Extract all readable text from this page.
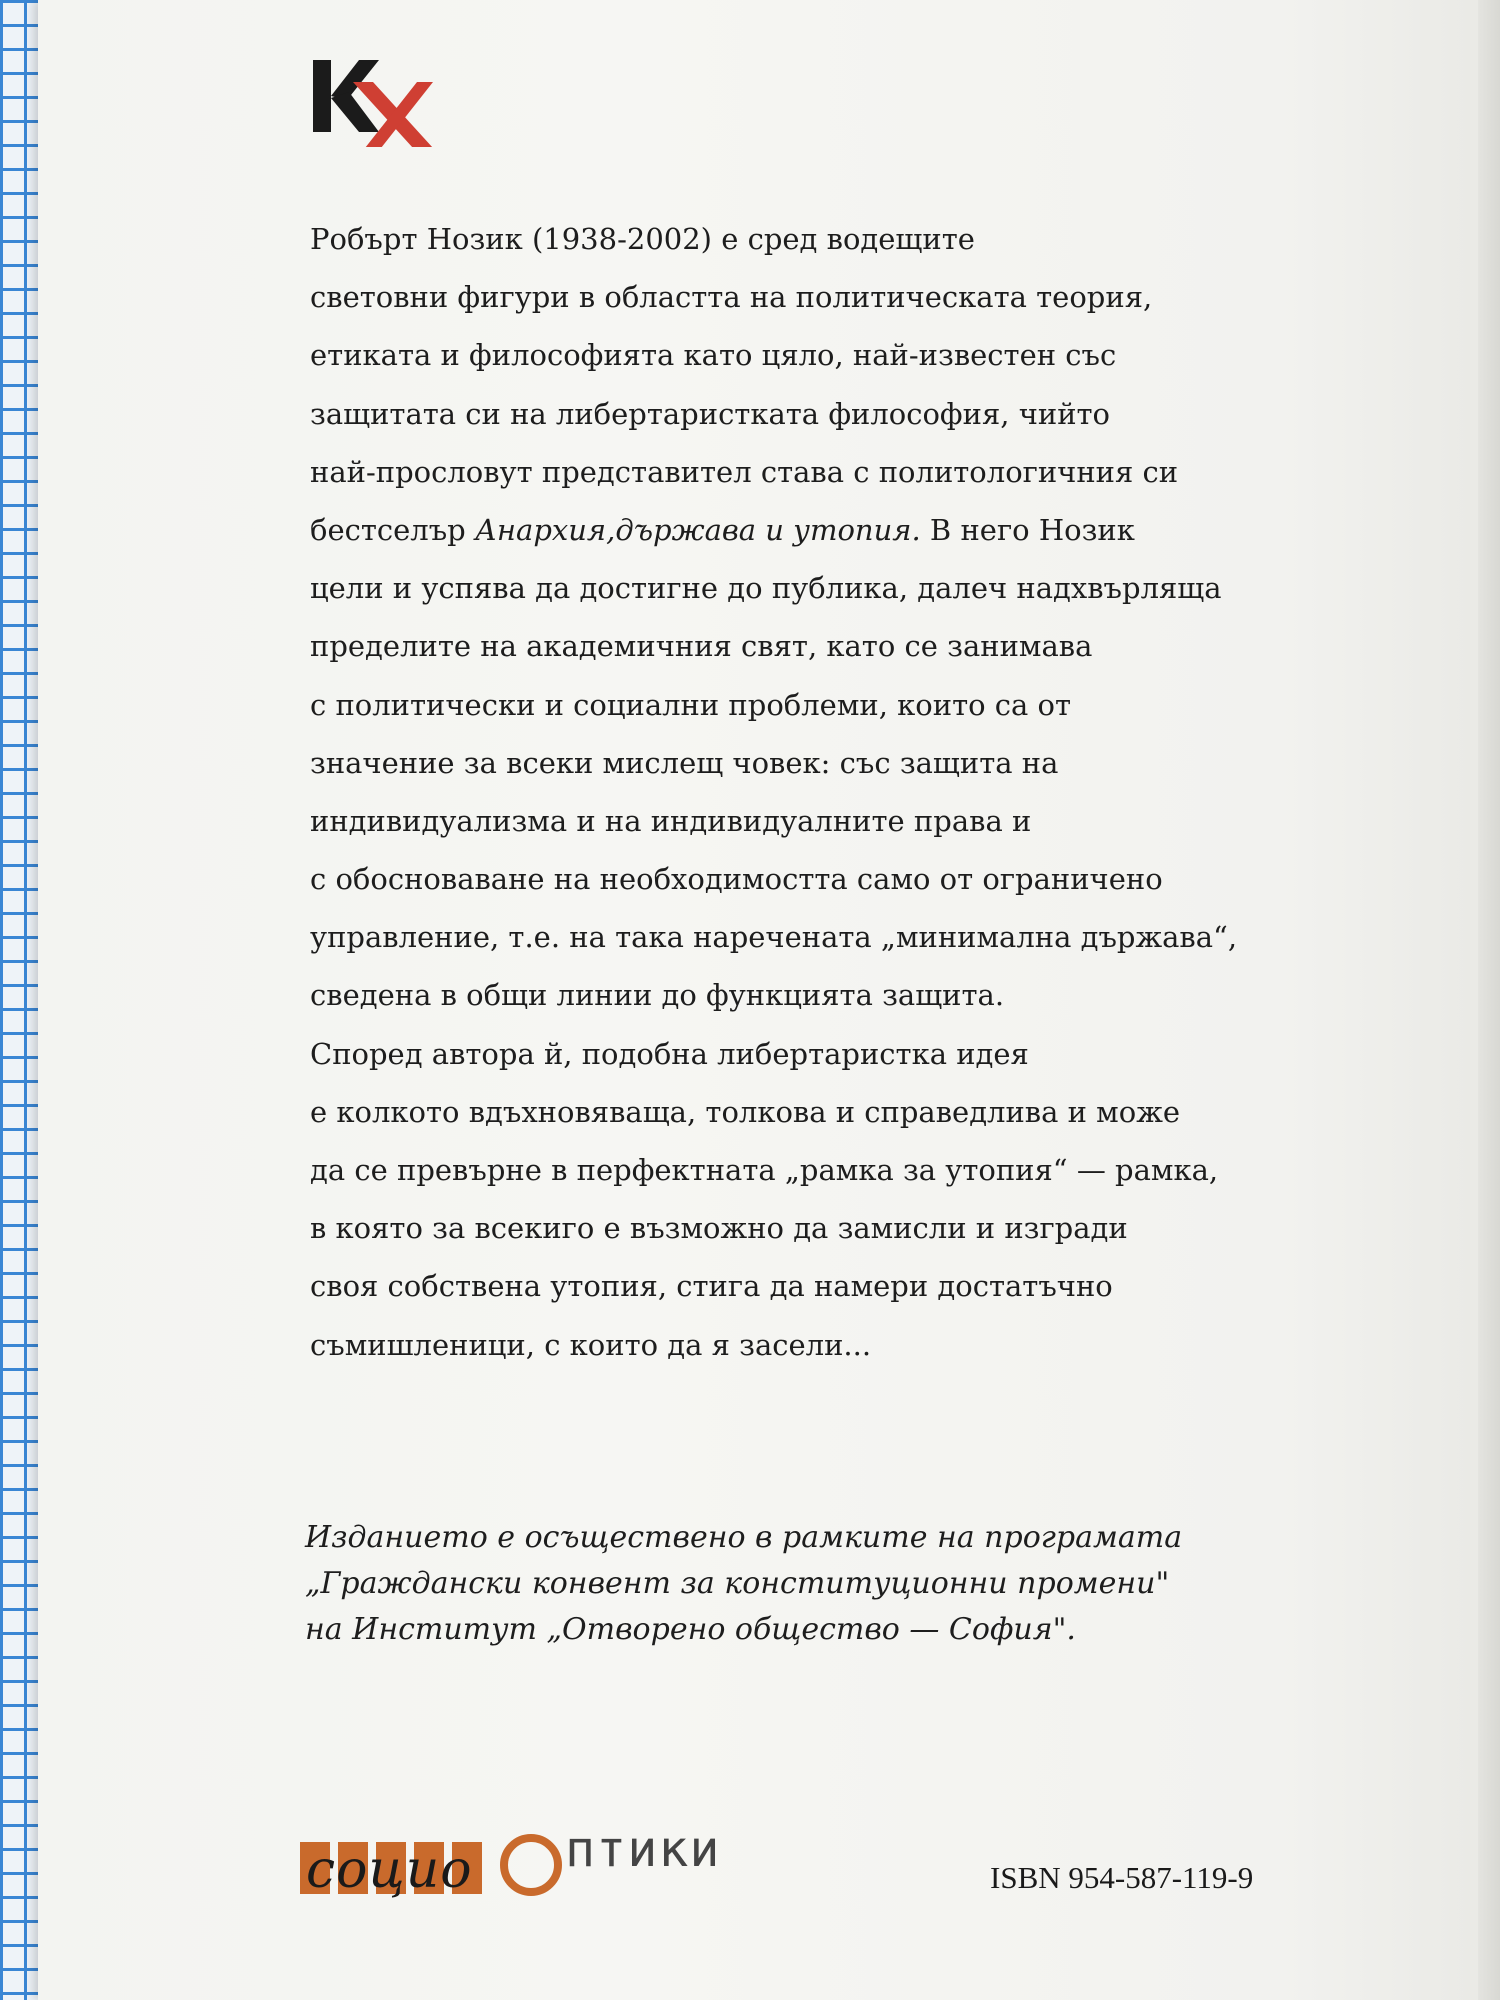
Робърт Нозик (1938-2002) е сред водещите
световни фигури в областта на политическата теория,
етиката и философията като цяло, най-известен със
защитата си на либертаристката философия, чийто
най-прословут представител става с политологичния си
бестселър Анархия,държава и утопия. В него Нозик
цели и успява да достигне до публика, далеч надхвърляща
пределите на академичния свят, като се занимава
с политически и социални проблеми, които са от
значение за всеки мислещ човек: със защита на
индивидуализма и на индивидуалните права и
с обосноваване на необходимостта само от ограничено
управление, т.е. на така наречената „минимална държава“,
сведена в общи линии до функцията защита.
Според автора й, подобна либертаристка идея
е колкото вдъхновяваща, толкова и справедлива и може
да се превърне в перфектната „рамка за утопия“ — рамка,
в която за всекиго е възможно да замисли и изгради
своя собствена утопия, стига да намери достатъчно
съмишленици, с които да я засели...
Изданието е осъществено в рамките на програмата
„Граждански конвент за конституционни промени"
на Институт „Отворено общество — София".
социо птики	ISBN 954-587-119-9
